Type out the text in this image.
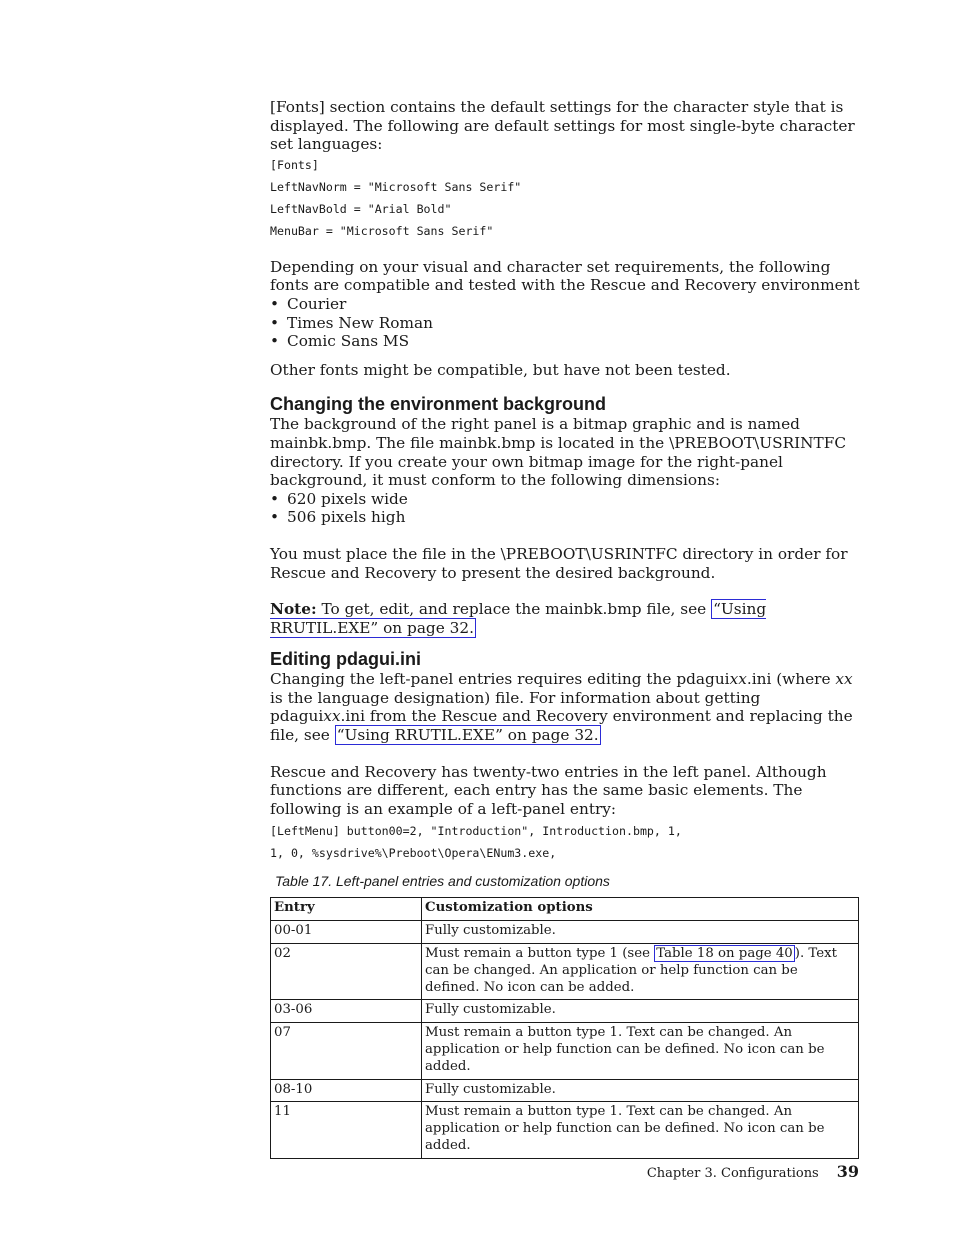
[Fonts] section contains the default settings for the character style that is displayed. The following are default settings for most single-byte character set languages:

[Fonts]

LeftNavNorm = "Microsoft Sans Serif"

LeftNavBold = "Arial Bold"

MenuBar = "Microsoft Sans Serif"

Depending on your visual and character set requirements, the following fonts are compatible and tested with the Rescue and Recovery environment

• Courier
• Times New Roman
• Comic Sans MS

Other fonts might be compatible, but have not been tested.

Changing the environment background

The background of the right panel is a bitmap graphic and is named mainbk.bmp. The file mainbk.bmp is located in the \PREBOOT\USRINTFC directory. If you create your own bitmap image for the right-panel background, it must conform to the following dimensions:

• 620 pixels wide
• 506 pixels high

You must place the file in the \PREBOOT\USRINTFC directory in order for Rescue and Recovery to present the desired background.

Note: To get, edit, and replace the mainbk.bmp file, see “Using RRUTIL.EXE” on page 32.

Editing pdagui.ini

Changing the left-panel entries requires editing the pdaguixx.ini (where xx is the language designation) file. For information about getting pdaguixx.ini from the Rescue and Recovery environment and replacing the file, see “Using RRUTIL.EXE” on page 32.

Rescue and Recovery has twenty-two entries in the left panel. Although functions are different, each entry has the same basic elements. The following is an example of a left-panel entry:

[LeftMenu] button00=2, "Introduction", Introduction.bmp, 1,

1, 0, %sysdrive%\Preboot\Opera\ENum3.exe,

Table 17. Left-panel entries and customization options

Entry	Customization options
00-01	Fully customizable.
02	Must remain a button type 1 (see Table 18 on page 40 ). Text can be changed. An application or help function can be defined. No icon can be added.
03-06	Fully customizable.
07	Must remain a button type 1. Text can be changed. An application or help function can be defined. No icon can be added.
08-10	Fully customizable.
11	Must remain a button type 1. Text can be changed. An application or help function can be defined. No icon can be added.
Chapter 3. Configurations 39
